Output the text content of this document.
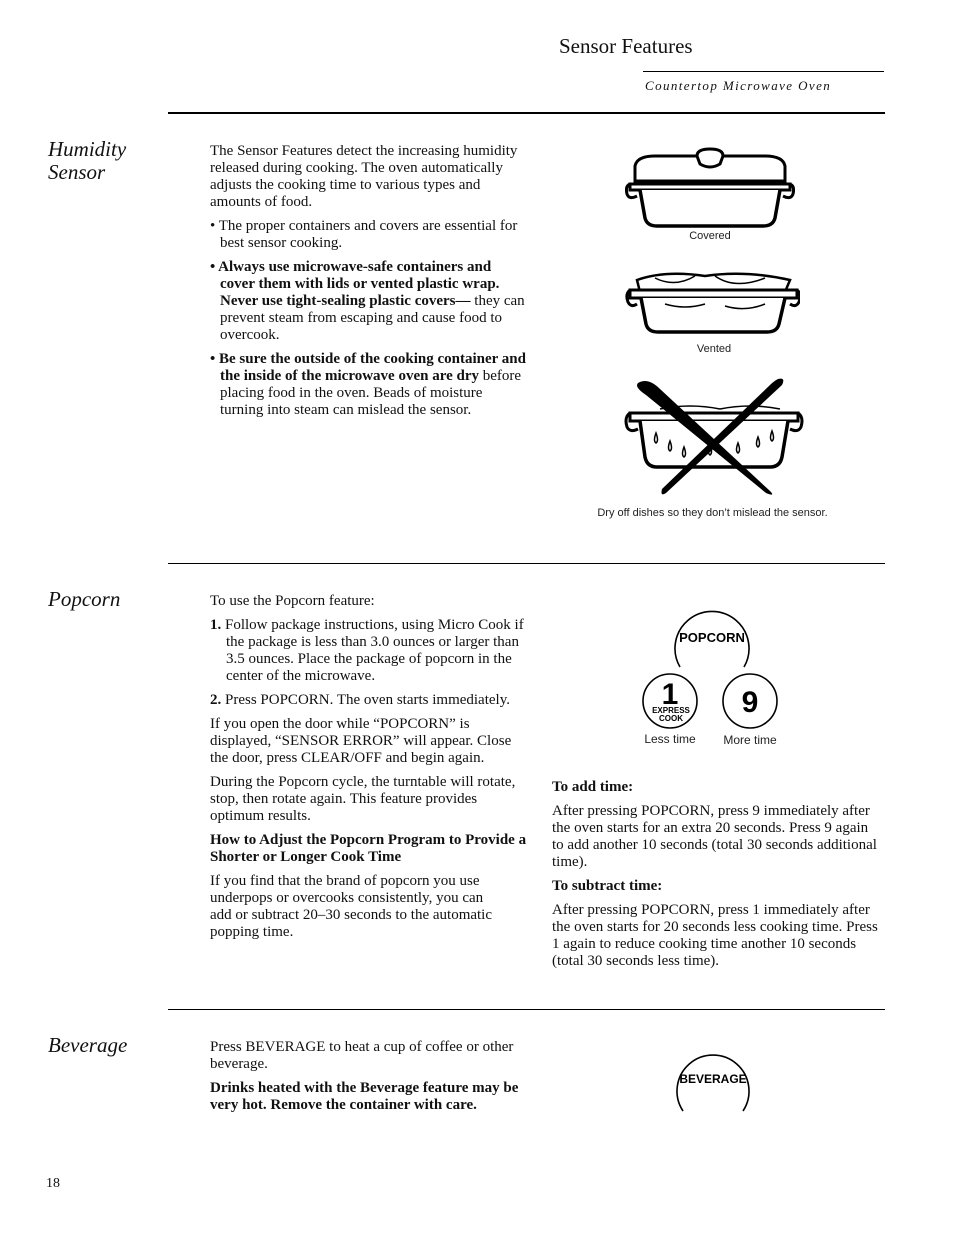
Sensor Features
Countertop Microwave Oven
Humidity
Sensor

The Sensor Features detect the increasing humidity released during cooking. The oven automatically adjusts the cooking time to various types and amounts of food.

• The proper containers and covers are essential for best sensor cooking.

• Always use microwave-safe containers and cover them with lids or vented plastic wrap. Never use tight-sealing plastic covers— they can prevent steam from escaping and cause food to overcook.

• Be sure the outside of the cooking container and the inside of the microwave oven are dry before placing food in the oven. Beads of moisture turning into steam can mislead the sensor.

Covered
Vented
Dry off dishes so they don’t mislead the sensor.
Popcorn	To use the Popcorn feature:

1. Follow package instructions, using Micro Cook if the package is less than 3.0 ounces or larger than 3.5 ounces. Place the package of popcorn in the center of the microwave.

2. Press POPCORN. The oven starts immediately.

If you open the door while “POPCORN” is displayed, “SENSOR ERROR” will appear. Close the door, press CLEAR/OFF and begin again.

During the Popcorn cycle, the turntable will rotate, stop, then rotate again. This feature provides optimum results.

How to Adjust the Popcorn Program to Provide a Shorter or Longer Cook Time

If you find that the brand of popcorn you use underpops or overcooks consistently, you can add or subtract 20–30 seconds to the automatic popping time.

POPCORN
1
EXPRESS
COOK
Less time
9
More time

To add time:

After pressing POPCORN, press 9 immediately after the oven starts for an extra 20 seconds. Press 9 again to add another 10 seconds (total 30 seconds additional time).

To subtract time:

After pressing POPCORN, press 1 immediately after the oven starts for 20 seconds less cooking time. Press 1 again to reduce cooking time another 10 seconds (total 30 seconds less time).

Beverage	Press BEVERAGE to heat a cup of coffee or other beverage.

Drinks heated with the Beverage feature may be very hot. Remove the container with care.

BEVERAGE
18
